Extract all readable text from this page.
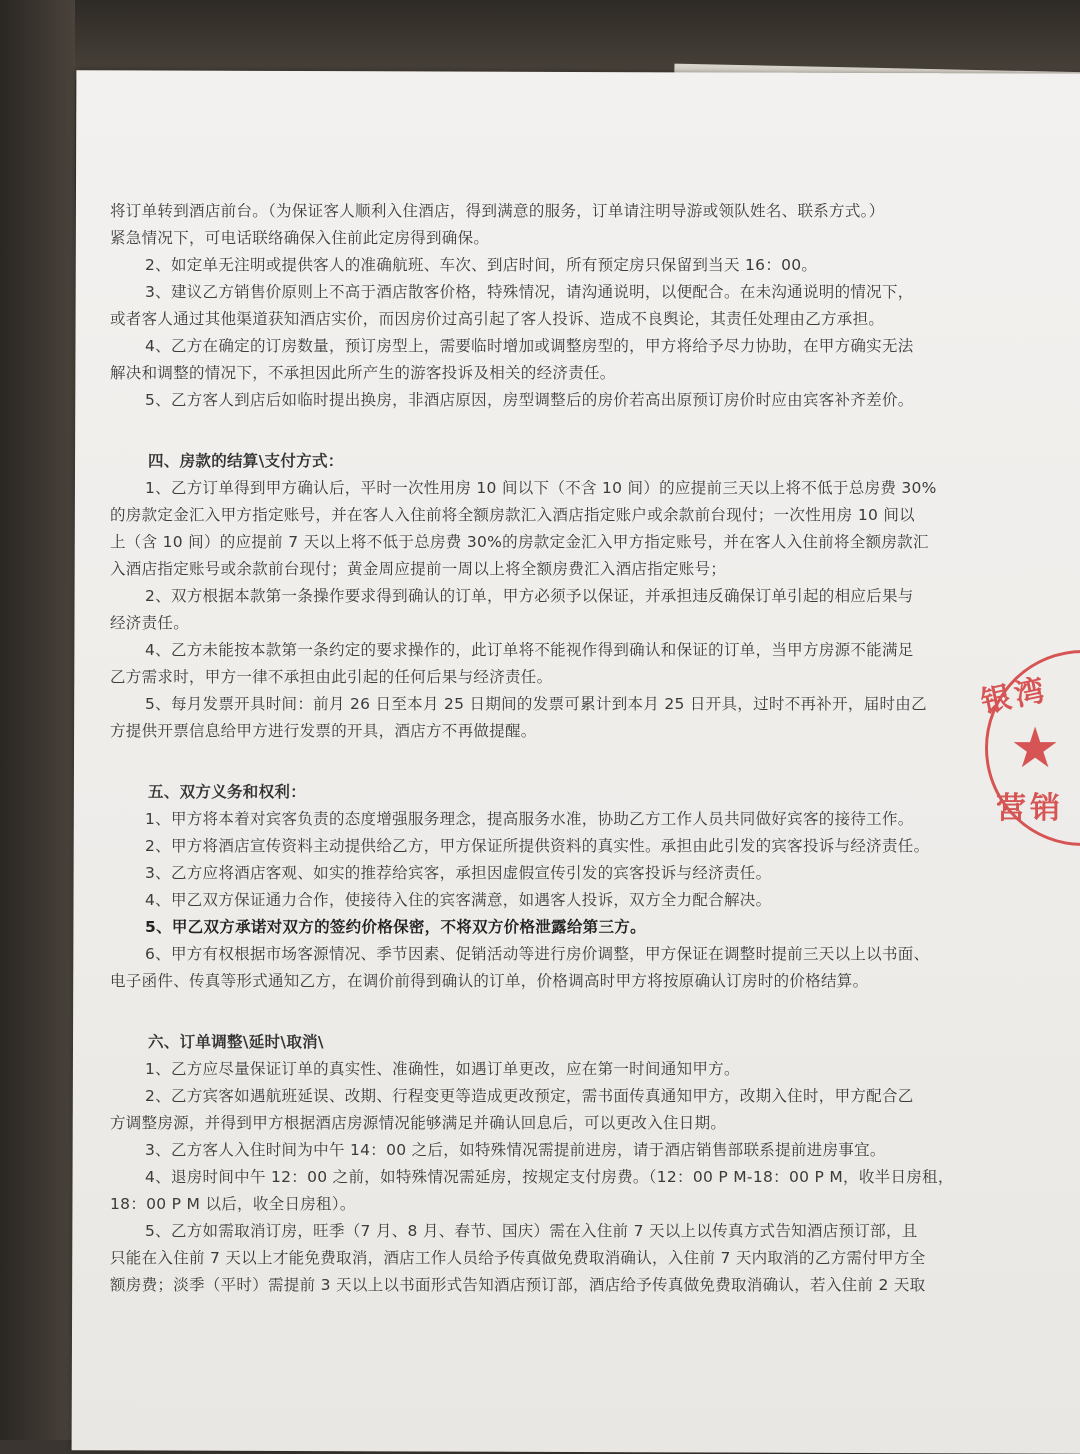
将订单转到酒店前台。（为保证客人顺利入住酒店，得到满意的服务，订单请注明导游或领队姓名、联系方式。）
紧急情况下，可电话联络确保入住前此定房得到确保。
2、如定单无注明或提供客人的准确航班、车次、到店时间，所有预定房只保留到当天 16：00。
3、建议乙方销售价原则上不高于酒店散客价格，特殊情况，请沟通说明，以便配合。在未沟通说明的情况下，
或者客人通过其他渠道获知酒店实价，而因房价过高引起了客人投诉、造成不良舆论，其责任处理由乙方承担。
4、乙方在确定的订房数量，预订房型上，需要临时增加或调整房型的，甲方将给予尽力协助，在甲方确实无法
解决和调整的情况下，不承担因此所产生的游客投诉及相关的经济责任。
5、乙方客人到店后如临时提出换房，非酒店原因，房型调整后的房价若高出原预订房价时应由宾客补齐差价。
四、房款的结算\支付方式：
1、乙方订单得到甲方确认后，平时一次性用房 10 间以下（不含 10 间）的应提前三天以上将不低于总房费 30%
的房款定金汇入甲方指定账号，并在客人入住前将全额房款汇入酒店指定账户或余款前台现付；一次性用房 10 间以
上（含 10 间）的应提前 7 天以上将不低于总房费 30%的房款定金汇入甲方指定账号，并在客人入住前将全额房款汇
入酒店指定账号或余款前台现付；黄金周应提前一周以上将全额房费汇入酒店指定账号；
2、双方根据本款第一条操作要求得到确认的订单，甲方必须予以保证，并承担违反确保订单引起的相应后果与
经济责任。
4、乙方未能按本款第一条约定的要求操作的，此订单将不能视作得到确认和保证的订单，当甲方房源不能满足
乙方需求时，甲方一律不承担由此引起的任何后果与经济责任。
5、每月发票开具时间：前月 26 日至本月 25 日期间的发票可累计到本月 25 日开具，过时不再补开，届时由乙
方提供开票信息给甲方进行发票的开具，酒店方不再做提醒。
五、双方义务和权利：
1、甲方将本着对宾客负责的态度增强服务理念，提高服务水准，协助乙方工作人员共同做好宾客的接待工作。
2、甲方将酒店宣传资料主动提供给乙方，甲方保证所提供资料的真实性。承担由此引发的宾客投诉与经济责任。
3、乙方应将酒店客观、如实的推荐给宾客，承担因虚假宣传引发的宾客投诉与经济责任。
4、甲乙双方保证通力合作，使接待入住的宾客满意，如遇客人投诉，双方全力配合解决。
5、甲乙双方承诺对双方的签约价格保密，不将双方价格泄露给第三方。
6、甲方有权根据市场客源情况、季节因素、促销活动等进行房价调整，甲方保证在调整时提前三天以上以书面、
电子函件、传真等形式通知乙方，在调价前得到确认的订单，价格调高时甲方将按原确认订房时的价格结算。
六、订单调整\延时\取消\
1、乙方应尽量保证订单的真实性、准确性，如遇订单更改，应在第一时间通知甲方。
2、乙方宾客如遇航班延误、改期、行程变更等造成更改预定，需书面传真通知甲方，改期入住时，甲方配合乙
方调整房源，并得到甲方根据酒店房源情况能够满足并确认回息后，可以更改入住日期。
3、乙方客人入住时间为中午 14：00 之后，如特殊情况需提前进房，请于酒店销售部联系提前进房事宜。
4、退房时间中午 12：00 之前，如特殊情况需延房，按规定支付房费。（12：00 P M-18：00 P M，收半日房租，
18：00 P M 以后，收全日房租）。
5、乙方如需取消订房，旺季（7 月、8 月、春节、国庆）需在入住前 7 天以上以传真方式告知酒店预订部，且
只能在入住前 7 天以上才能免费取消，酒店工作人员给予传真做免费取消确认，入住前 7 天内取消的乙方需付甲方全
额房费；淡季（平时）需提前 3 天以上以书面形式告知酒店预订部，酒店给予传真做免费取消确认，若入住前 2 天取
银湾
★
营销
